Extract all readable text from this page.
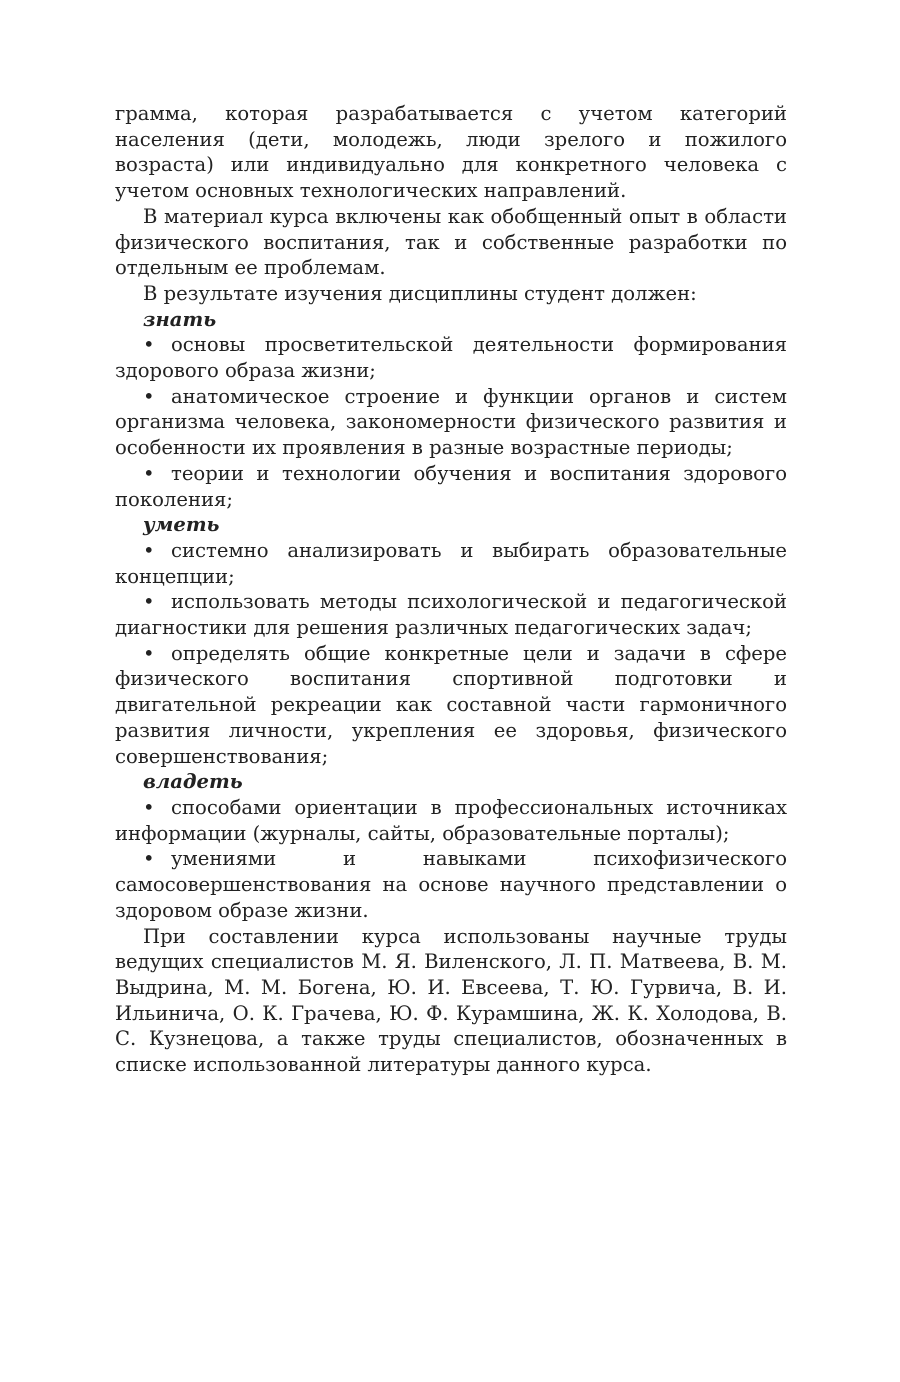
грамма, которая разрабатывается с учетом категорий населения (дети, молодежь, люди зрелого и пожилого возраста) или индивидуально для конкретного человека с учетом основных технологических направлений.

В материал курса включены как обобщенный опыт в области физического воспитания, так и собственные разработки по отдельным ее проблемам.

В результате изучения дисциплины студент должен:

знать

• основы просветительской деятельности формирования здорового образа жизни;

• анатомическое строение и функции органов и систем организма человека, закономерности физического развития и особенности их проявления в разные возрастные периоды;

• теории и технологии обучения и воспитания здорового поколения;

уметь

• системно анализировать и выбирать образовательные концепции;

• использовать методы психологической и педагогической диагностики для решения различных педагогических задач;

• определять общие конкретные цели и задачи в сфере физического воспитания спортивной подготовки и двигательной рекреации как составной части гармоничного развития личности, укрепления ее здоровья, физического совершенствования;

владеть

• способами ориентации в профессиональных источниках информации (журналы, сайты, образовательные порталы);

• умениями и навыками психофизического самосовершенствования на основе научного представлении о здоровом образе жизни.

При составлении курса использованы научные труды ведущих специалистов М. Я. Виленского, Л. П. Матвеева, В. М. Выдрина, М. М. Богена, Ю. И. Евсеева, Т. Ю. Гурвича, В. И. Ильинича, О. К. Грачева, Ю. Ф. Курамшина, Ж. К. Холодова, В. С. Кузнецова, а также труды специалистов, обозначенных в списке использованной литературы данного курса.
